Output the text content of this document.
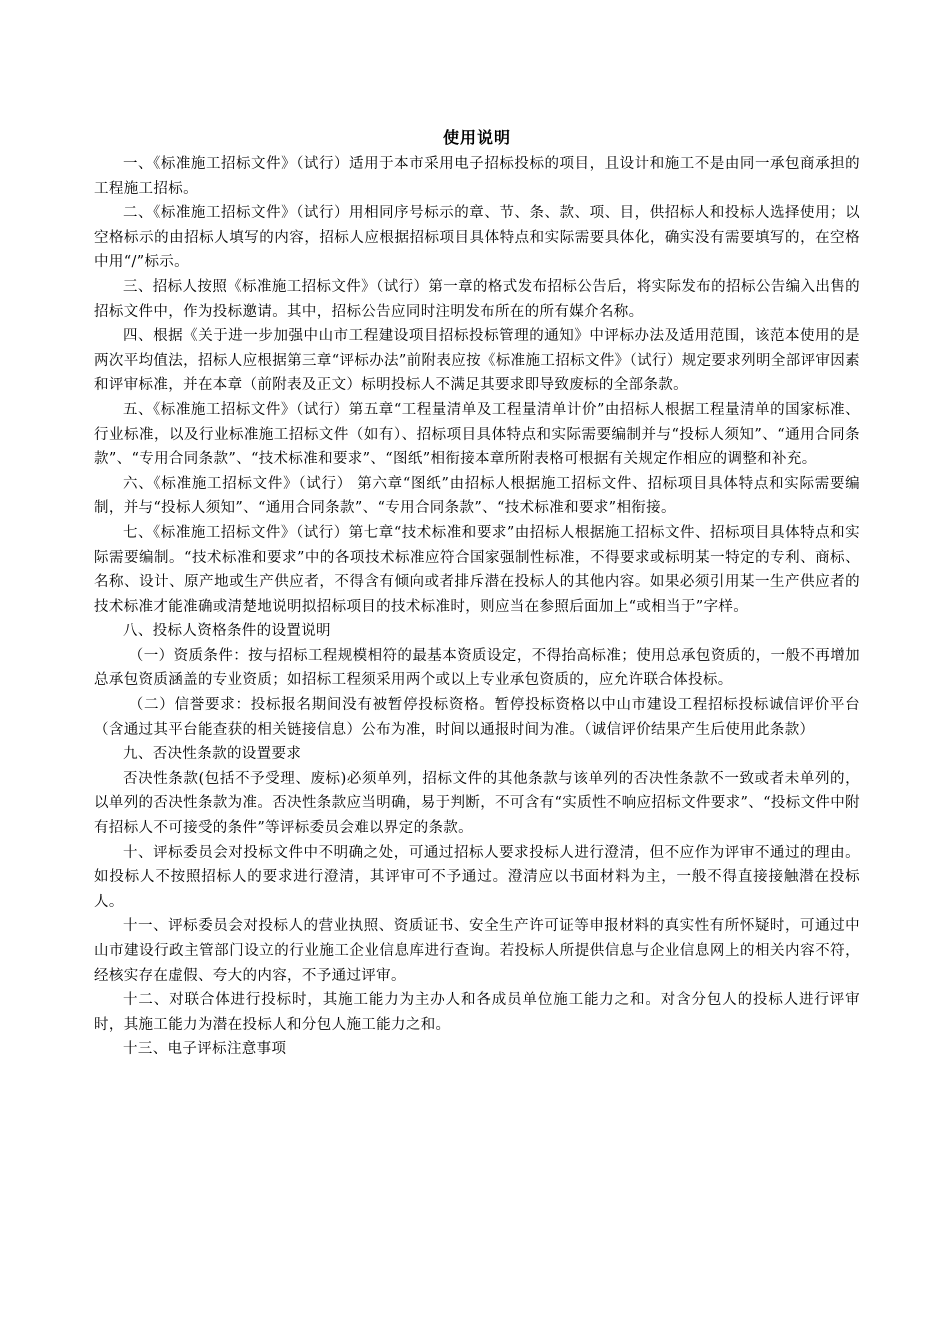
使用说明

一、《标准施工招标文件》（试行）适用于本市采用电子招标投标的项目，且设计和施工不是由同一承包商承担的工程施工招标。

二、《标准施工招标文件》（试行）用相同序号标示的章、节、条、款、项、目，供招标人和投标人选择使用；以空格标示的由招标人填写的内容，招标人应根据招标项目具体特点和实际需要具体化，确实没有需要填写的，在空格中用“/”标示。

三、招标人按照《标准施工招标文件》（试行）第一章的格式发布招标公告后，将实际发布的招标公告编入出售的招标文件中，作为投标邀请。其中，招标公告应同时注明发布所在的所有媒介名称。

四、根据《关于进一步加强中山市工程建设项目招标投标管理的通知》中评标办法及适用范围，该范本使用的是两次平均值法，招标人应根据第三章“评标办法”前附表应按《标准施工招标文件》（试行）规定要求列明全部评审因素和评审标准，并在本章（前附表及正文）标明投标人不满足其要求即导致废标的全部条款。

五、《标准施工招标文件》（试行）第五章“工程量清单及工程量清单计价”由招标人根据工程量清单的国家标准、行业标准，以及行业标准施工招标文件（如有）、招标项目具体特点和实际需要编制并与“投标人须知”、“通用合同条款”、“专用合同条款”、“技术标准和要求”、“图纸”相衔接本章所附表格可根据有关规定作相应的调整和补充。

六、《标准施工招标文件》（试行） 第六章“图纸”由招标人根据施工招标文件、招标项目具体特点和实际需要编制，并与“投标人须知”、“通用合同条款”、“专用合同条款”、“技术标准和要求”相衔接。

七、《标准施工招标文件》（试行）第七章“技术标准和要求”由招标人根据施工招标文件、招标项目具体特点和实际需要编制。“技术标准和要求”中的各项技术标准应符合国家强制性标准，不得要求或标明某一特定的专利、商标、名称、设计、原产地或生产供应者，不得含有倾向或者排斥潜在投标人的其他内容。如果必须引用某一生产供应者的技术标准才能准确或清楚地说明拟招标项目的技术标准时，则应当在参照后面加上“或相当于”字样。

八、投标人资格条件的设置说明

（一）资质条件：按与招标工程规模相符的最基本资质设定，不得抬高标准；使用总承包资质的，一般不再增加总承包资质涵盖的专业资质；如招标工程须采用两个或以上专业承包资质的，应允许联合体投标。

（二）信誉要求：投标报名期间没有被暂停投标资格。暂停投标资格以中山市建设工程招标投标诚信评价平台（含通过其平台能查获的相关链接信息）公布为准，时间以通报时间为准。（诚信评价结果产生后使用此条款）

九、否决性条款的设置要求

否决性条款(包括不予受理、废标)必须单列，招标文件的其他条款与该单列的否决性条款不一致或者未单列的，以单列的否决性条款为准。否决性条款应当明确，易于判断，不可含有“实质性不响应招标文件要求”、“投标文件中附有招标人不可接受的条件”等评标委员会难以界定的条款。

十、评标委员会对投标文件中不明确之处，可通过招标人要求投标人进行澄清，但不应作为评审不通过的理由。如投标人不按照招标人的要求进行澄清，其评审可不予通过。澄清应以书面材料为主，一般不得直接接触潜在投标人。

十一、评标委员会对投标人的营业执照、资质证书、安全生产许可证等申报材料的真实性有所怀疑时，可通过中山市建设行政主管部门设立的行业施工企业信息库进行查询。若投标人所提供信息与企业信息网上的相关内容不符，经核实存在虚假、夸大的内容，不予通过评审。

十二、对联合体进行投标时，其施工能力为主办人和各成员单位施工能力之和。对含分包人的投标人进行评审时，其施工能力为潜在投标人和分包人施工能力之和。

十三、电子评标注意事项
